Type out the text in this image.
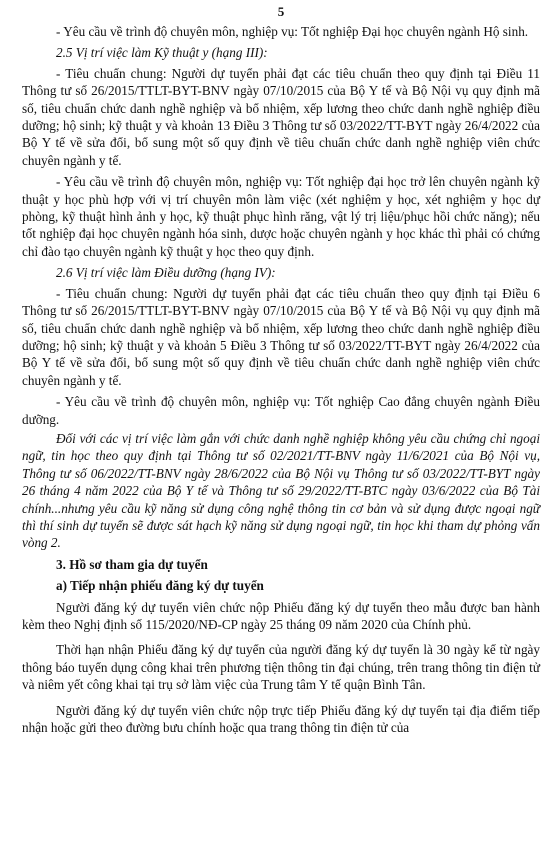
5

- Yêu cầu về trình độ chuyên môn, nghiệp vụ: Tốt nghiệp Đại học chuyên ngành Hộ sinh.

2.5 Vị trí việc làm Kỹ thuật y (hạng III):

- Tiêu chuẩn chung: Người dự tuyển phải đạt các tiêu chuẩn theo quy định tại Điều 11 Thông tư số 26/2015/TTLT-BYT-BNV ngày 07/10/2015 của Bộ Y tế và Bộ Nội vụ quy định mã số, tiêu chuẩn chức danh nghề nghiệp và bổ nhiệm, xếp lương theo chức danh nghề nghiệp điều dưỡng; hộ sinh; kỹ thuật y và khoản 13 Điều 3 Thông tư số 03/2022/TT-BYT ngày 26/4/2022 của Bộ Y tế về sửa đổi, bổ sung một số quy định về tiêu chuẩn chức danh nghề nghiệp viên chức chuyên ngành y tế.

- Yêu cầu về trình độ chuyên môn, nghiệp vụ: Tốt nghiệp đại học trở lên chuyên ngành kỹ thuật y học phù hợp với vị trí chuyên môn làm việc (xét nghiệm y học, xét nghiệm y học dự phòng, kỹ thuật hình ảnh y học, kỹ thuật phục hình răng, vật lý trị liệu/phục hồi chức năng); nếu tốt nghiệp đại học chuyên ngành hóa sinh, dược hoặc chuyên ngành y học khác thì phải có chứng chỉ đào tạo chuyên ngành kỹ thuật y học theo quy định.

2.6 Vị trí việc làm Điều dưỡng (hạng IV):

- Tiêu chuẩn chung: Người dự tuyển phải đạt các tiêu chuẩn theo quy định tại Điều 6 Thông tư số 26/2015/TTLT-BYT-BNV ngày 07/10/2015 của Bộ Y tế và Bộ Nội vụ quy định mã số, tiêu chuẩn chức danh nghề nghiệp và bổ nhiệm, xếp lương theo chức danh nghề nghiệp điều dưỡng; hộ sinh; kỹ thuật y và khoản 5 Điều 3 Thông tư số 03/2022/TT-BYT ngày 26/4/2022 của Bộ Y tế về sửa đổi, bổ sung một số quy định về tiêu chuẩn chức danh nghề nghiệp viên chức chuyên ngành y tế.

- Yêu cầu về trình độ chuyên môn, nghiệp vụ: Tốt nghiệp Cao đẳng chuyên ngành Điều dưỡng.

Đối với các vị trí việc làm gắn với chức danh nghề nghiệp không yêu cầu chứng chỉ ngoại ngữ, tin học theo quy định tại Thông tư số 02/2021/TT-BNV ngày 11/6/2021 của Bộ Nội vụ, Thông tư số 06/2022/TT-BNV ngày 28/6/2022 của Bộ Nội vụ Thông tư số 03/2022/TT-BYT ngày 26 tháng 4 năm 2022 của Bộ Y tế và Thông tư số 29/2022/TT-BTC ngày 03/6/2022 của Bộ Tài chính...nhưng yêu cầu kỹ năng sử dụng công nghệ thông tin cơ bản và sử dụng được ngoại ngữ thì thí sinh dự tuyển sẽ được sát hạch kỹ năng sử dụng ngoại ngữ, tin học khi tham dự phỏng vấn vòng 2.

3. Hồ sơ tham gia dự tuyển

a) Tiếp nhận phiếu đăng ký dự tuyển

Người đăng ký dự tuyển viên chức nộp Phiếu đăng ký dự tuyển theo mẫu được ban hành kèm theo Nghị định số 115/2020/NĐ-CP ngày 25 tháng 09 năm 2020 của Chính phủ.

Thời hạn nhận Phiếu đăng ký dự tuyển của người đăng ký dự tuyển là 30 ngày kể từ ngày thông báo tuyển dụng công khai trên phương tiện thông tin đại chúng, trên trang thông tin điện tử và niêm yết công khai tại trụ sở làm việc của Trung tâm Y tế quận Bình Tân.

Người đăng ký dự tuyển viên chức nộp trực tiếp Phiếu đăng ký dự tuyển tại địa điểm tiếp nhận hoặc gửi theo đường bưu chính hoặc qua trang thông tin điện tử của
